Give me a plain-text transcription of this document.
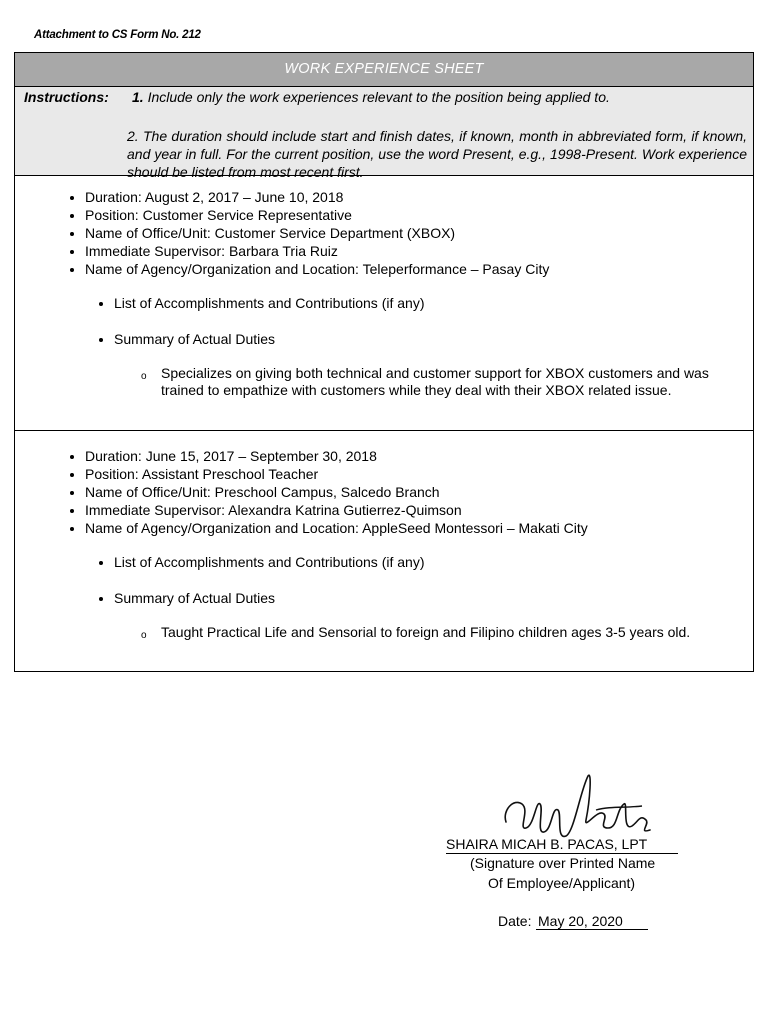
Attachment to CS Form No. 212
WORK EXPERIENCE SHEET
Instructions: 1. Include only the work experiences relevant to the position being applied to.
2. The duration should include start and finish dates, if known, month in abbreviated form, if known, and year in full. For the current position, use the word Present, e.g., 1998-Present. Work experience should be listed from most recent first.
• Duration: August 2, 2017 – June 10, 2018
• Position: Customer Service Representative
• Name of Office/Unit: Customer Service Department (XBOX)
• Immediate Supervisor: Barbara Tria Ruiz
• Name of Agency/Organization and Location: Teleperformance – Pasay City
• List of Accomplishments and Contributions (if any)
• Summary of Actual Duties
o Specializes on giving both technical and customer support for XBOX customers and was trained to empathize with customers while they deal with their XBOX related issue.
• Duration: June 15, 2017 – September 30, 2018
• Position: Assistant Preschool Teacher
• Name of Office/Unit: Preschool Campus, Salcedo Branch
• Immediate Supervisor: Alexandra Katrina Gutierrez-Quimson
• Name of Agency/Organization and Location: AppleSeed Montessori – Makati City
• List of Accomplishments and Contributions (if any)
• Summary of Actual Duties
o Taught Practical Life and Sensorial to foreign and Filipino children ages 3-5 years old.
SHAIRA MICAH B. PACAS, LPT
(Signature over Printed Name
Of Employee/Applicant)
Date: May 20, 2020
